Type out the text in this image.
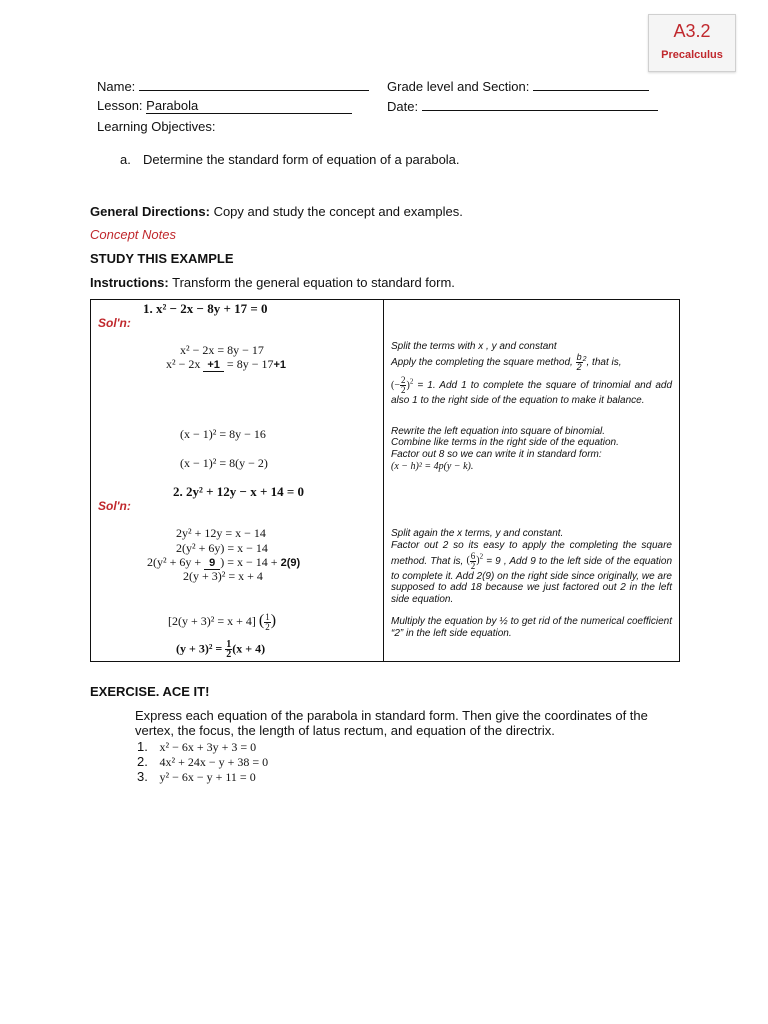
A3.2
Precalculus
Name:	Grade level and Section:
Lesson: Parabola	Date:
Learning Objectives:
a. Determine the standard form of equation of a parabola.
General Directions: Copy and study the concept and examples.
Concept Notes
STUDY THIS EXAMPLE
Instructions: Transform the general equation to standard form.
1. x² − 2x − 8y + 17 = 0
Sol'n:
x² − 2x = 8y − 17
x² − 2x +1 = 8y − 17+1
(x − 1)² = 8y − 16
(x − 1)² = 8(y − 2)
Split the terms with x , y and constant
Apply the completing the square method, $\frac{b}{2} ^2$, that is,
(− $\frac{2}{2} )^2 = 1$. Add 1 to complete the square of trinomial and add also 1 to the right side of the equation to make it balance.
Rewrite the left equation into square of binomial.
Combine like terms in the right side of the equation.
Factor out 8 so we can write it in standard form:
(x − h)² = 4p(y − k).
2. 2y² + 12y − x + 14 = 0
Sol'n:
2y² + 12y = x − 14
2(y² + 6y) = x − 14
2(y² + 6y + 9 ) = x − 14 + 2(9)
2(y + 3)² = x + 4
[2(y + 3)² = x + 4] ( $\frac{1}{2}$ )
$(y + 3)^2 = \frac{1}{2} (x + 4)$
Split again the x terms, y and constant.
Factor out 2 so its easy to apply the completing the square method. That is, ( $\frac{6}{2} )^2 = 9$ , Add 9 to the left side of the equation to complete it. Add 2(9) on the right side since originally, we are supposed to add 18 because we just factored out 2 in the left side equation.
Multiply the equation by ½ to get rid of the numerical coefficient “2” in the left side equation.
EXERCISE. ACE IT!
Express each equation of the parabola in standard form. Then give the coordinates of the vertex, the focus, the length of latus rectum, and equation of the directrix.
1. x² − 6x + 3y + 3 = 0
2. 4x² + 24x − y + 38 = 0
3. y² − 6x − y + 11 = 0
